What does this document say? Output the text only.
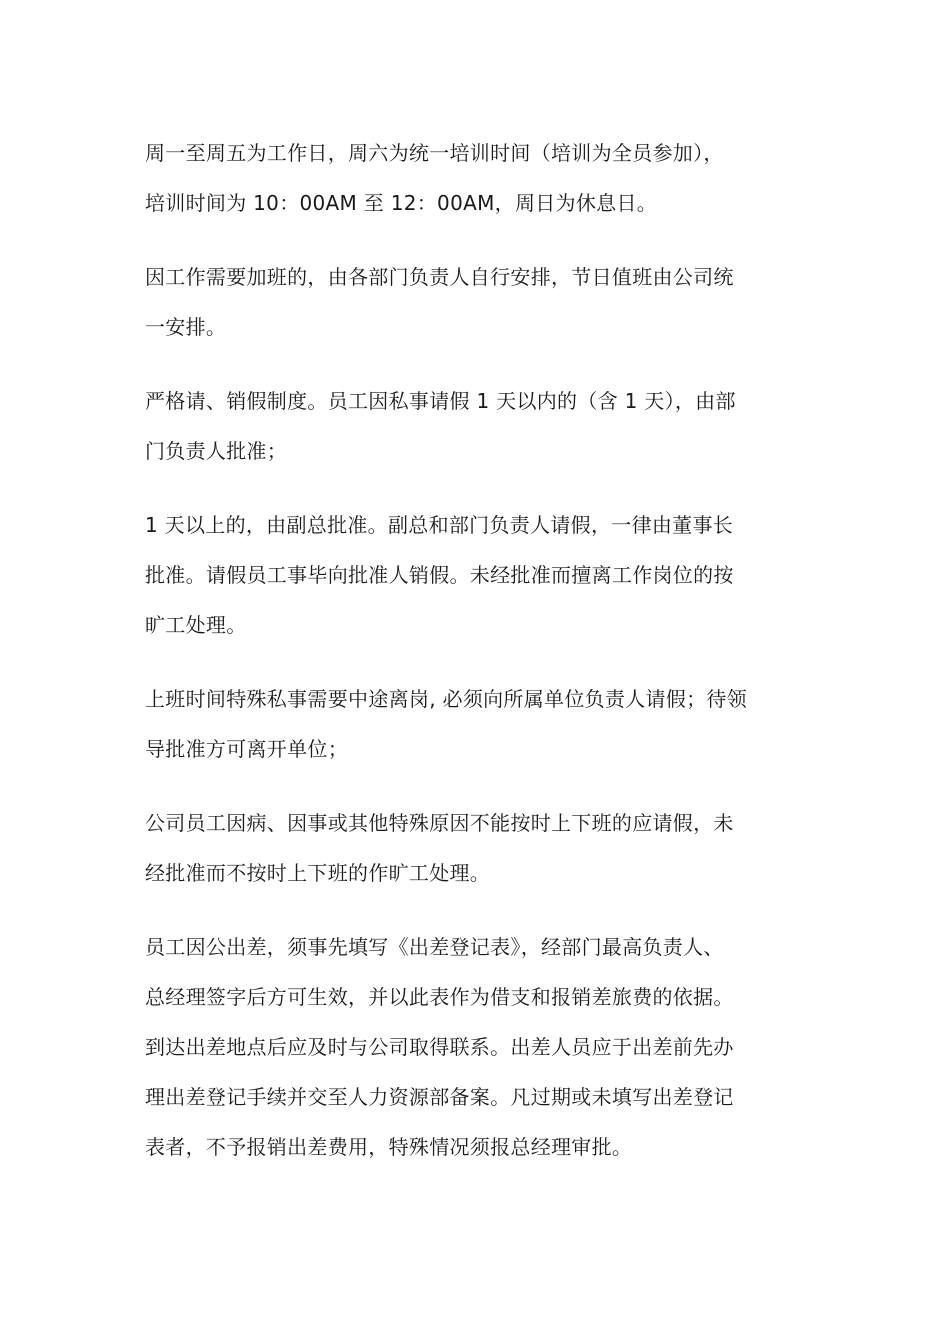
周一至周五为工作日，周六为统一培训时间（培训为全员参加），
培训时间为 10：00AM 至 12：00AM，周日为休息日。

因工作需要加班的，由各部门负责人自行安排，节日值班由公司统
一安排。

严格请、销假制度。员工因私事请假 1 天以内的（含 1 天），由部
门负责人批准；

1 天以上的，由副总批准。副总和部门负责人请假，一律由董事长
批准。请假员工事毕向批准人销假。未经批准而擅离工作岗位的按
旷工处理。

上班时间特殊私事需要中途离岗, 必须向所属单位负责人请假；待领
导批准方可离开单位；

公司员工因病、因事或其他特殊原因不能按时上下班的应请假，未
经批准而不按时上下班的作旷工处理。

员工因公出差，须事先填写《出差登记表》，经部门最高负责人、
总经理签字后方可生效，并以此表作为借支和报销差旅费的依据。
到达出差地点后应及时与公司取得联系。出差人员应于出差前先办
理出差登记手续并交至人力资源部备案。凡过期或未填写出差登记
表者，不予报销出差费用，特殊情况须报总经理审批。
